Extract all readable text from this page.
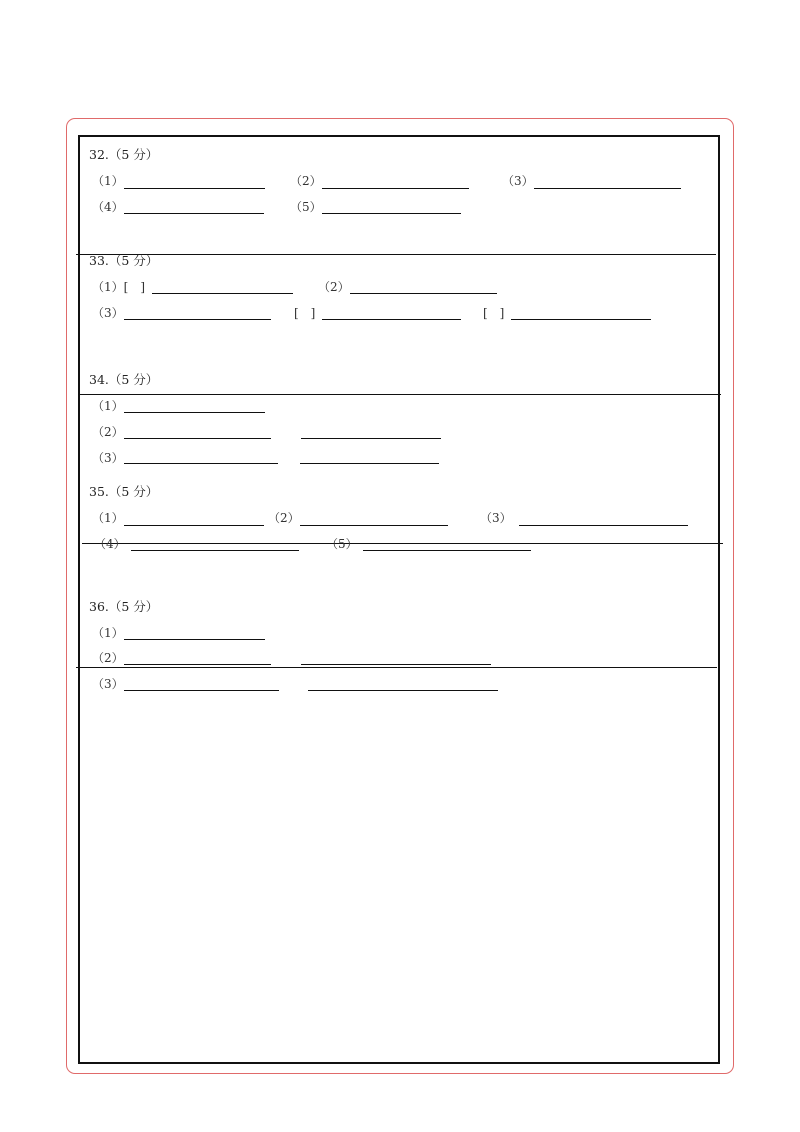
32.（5 分）
（1）	（2）	（3）
（4）	（5）
33.（5 分）
（1）[　]	（2）
（3）	[　]	[　]
34.（5 分）
（1）
（2）
（3）
35.（5 分）
（1）	（2）	（3）
（4）	（5）
36.（5 分）
（1）
（2）
（3）
